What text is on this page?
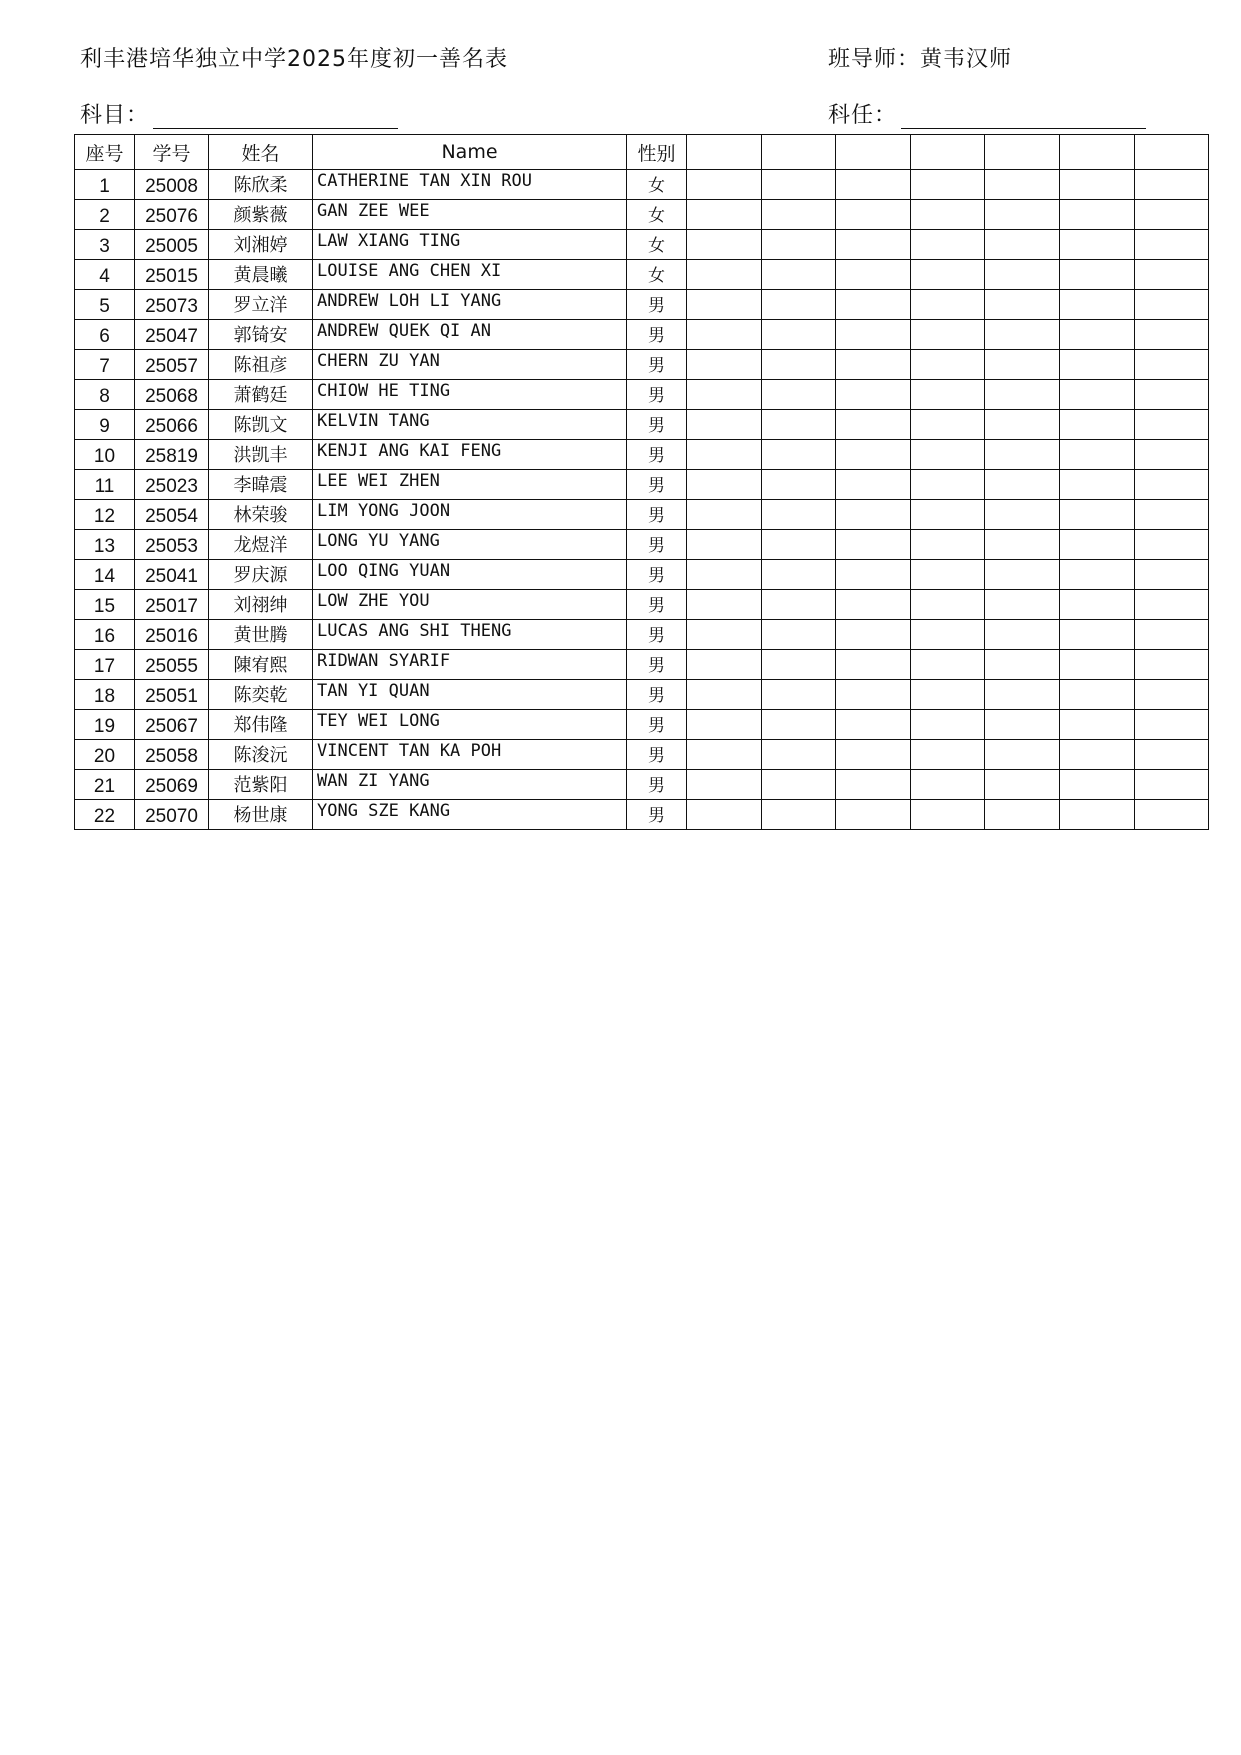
利丰港培华独立中学2025年度初一善名表	班导师：黄韦汉师
科目：	科任：
座号	学号	姓名	Name	性别							
1	25008	陈欣柔	CATHERINE TAN XIN ROU	女							
2	25076	颜紫薇	GAN ZEE WEE	女							
3	25005	刘湘婷	LAW XIANG TING	女							
4	25015	黄晨曦	LOUISE ANG CHEN XI	女							
5	25073	罗立洋	ANDREW LOH LI YANG	男							
6	25047	郭锜安	ANDREW QUEK QI AN	男							
7	25057	陈祖彦	CHERN ZU YAN	男							
8	25068	萧鹤廷	CHIOW HE TING	男							
9	25066	陈凯文	KELVIN TANG	男							
10	25819	洪凯丰	KENJI ANG KAI FENG	男							
11	25023	李暐震	LEE WEI ZHEN	男							
12	25054	林荣骏	LIM YONG JOON	男							
13	25053	龙煜洋	LONG YU YANG	男							
14	25041	罗庆源	LOO QING YUAN	男							
15	25017	刘祤绅	LOW ZHE YOU	男							
16	25016	黄世腾	LUCAS ANG SHI THENG	男							
17	25055	陳宥熙	RIDWAN SYARIF	男							
18	25051	陈奕乾	TAN YI QUAN	男							
19	25067	郑伟隆	TEY WEI LONG	男							
20	25058	陈浚沅	VINCENT TAN KA POH	男							
21	25069	范紫阳	WAN ZI YANG	男							
22	25070	杨世康	YONG SZE KANG	男							
